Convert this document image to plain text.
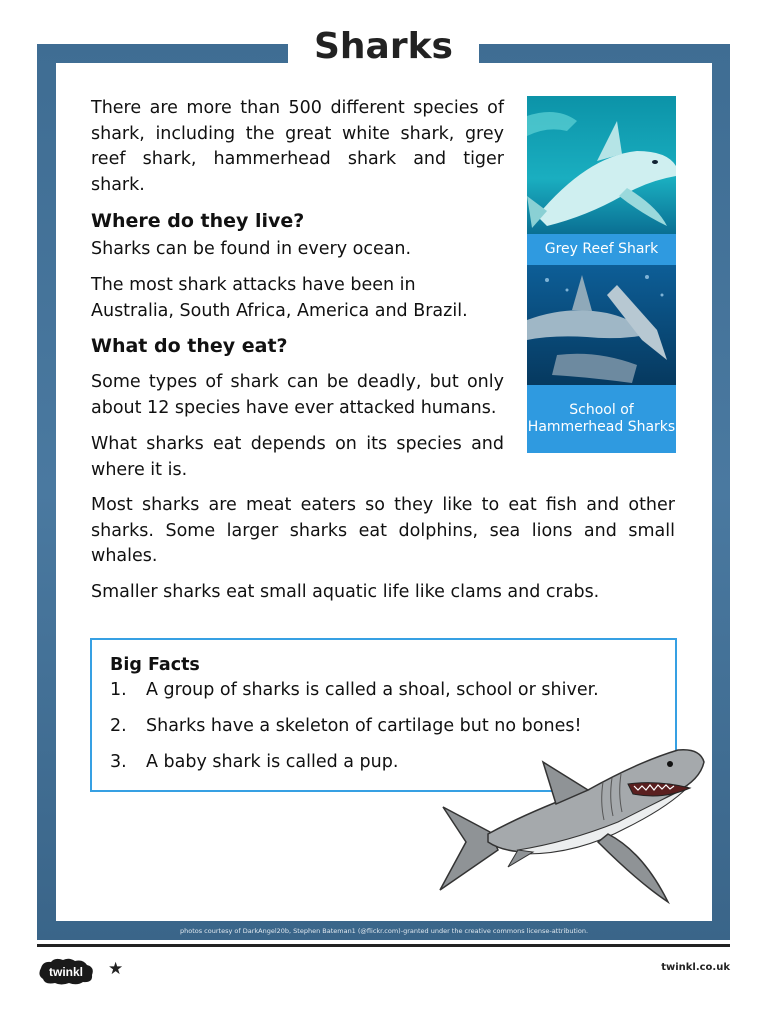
Sharks

There are more than 500 different species of shark, including the great white shark, grey reef shark, hammerhead shark and tiger shark.

Where do they live?

Sharks can be found in every ocean.

The most shark attacks have been in Australia, South Africa, America and Brazil.

What do they eat?

Some types of shark can be deadly, but only about 12 species have ever attacked humans.

What sharks eat depends on its species and where it is.

Most sharks are meat eaters so they like to eat fish and other sharks. Some larger sharks eat dolphins, sea lions and small whales.

Smaller sharks eat small aquatic life like clams and crabs.

Grey Reef Shark
School of Hammerhead Sharks

Big Facts

1. A group of sharks is called a shoal, school or shiver.

2. Sharks have a skeleton of cartilage but no bones!

3. A baby shark is called a pup.

photos courtesy of DarkAngel20b, Stephen Bateman1 (@flickr.com)-granted under the creative commons license-attribution.
twinkl ★	twinkl.co.uk
